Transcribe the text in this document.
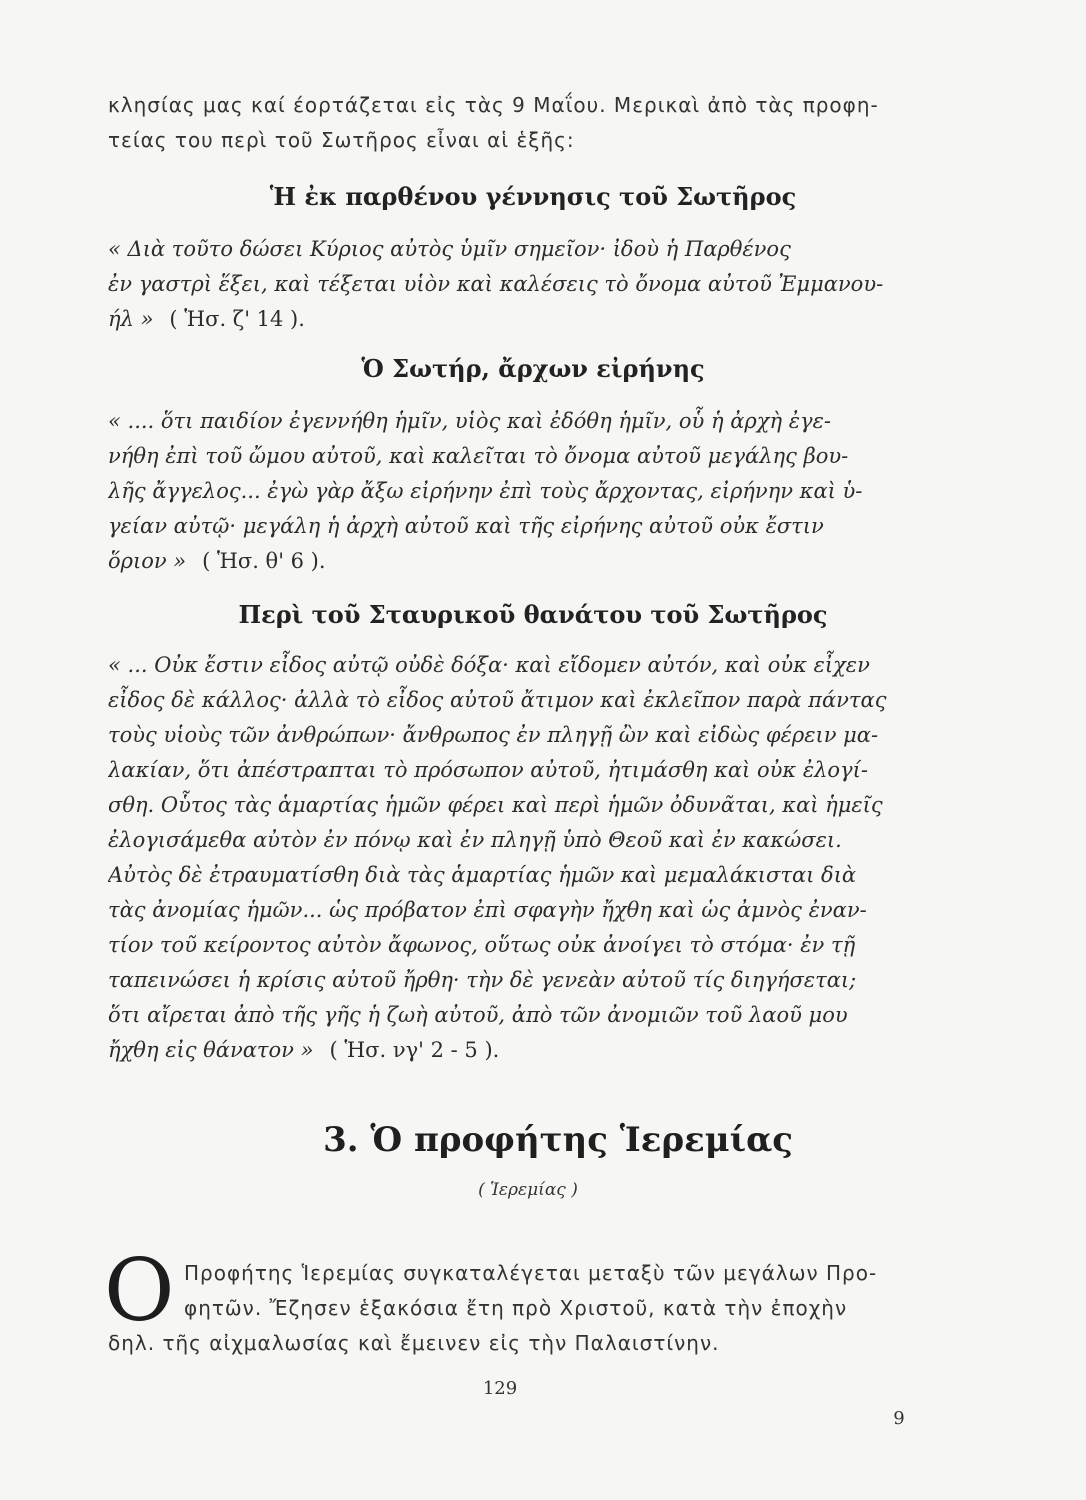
κλησίας μας καί έορτάζεται εἰς τὰς 9 Μαΐου. Μερικαὶ ἀπὸ τὰς προφη-
τείας του περὶ τοῦ Σωτῆρος εἶναι αἱ ἑξῆς:
Ἡ ἐκ παρθένου γέννησις τοῦ Σωτῆρος
« Διὰ τοῦτο δώσει Κύριος αὐτὸς ὑμῖν σημεῖον· ἰδοὺ ἡ Παρθένος
ἐν γαστρὶ ἕξει, καὶ τέξεται υἱὸν καὶ καλέσεις τὸ ὄνομα αὐτοῦ Ἐμμανου-
ήλ » ( Ἡσ. ζ' 14 ).
Ὁ Σωτήρ, ἄρχων εἰρήνης
« .... ὅτι παιδίον ἐγεννήθη ἡμῖν, υἱὸς καὶ ἐδόθη ἡμῖν, οὗ ἡ ἀρχὴ ἐγε-
νήθη ἐπὶ τοῦ ὤμου αὐτοῦ, καὶ καλεῖται τὸ ὄνομα αὐτοῦ μεγάλης βου-
λῆς ἄγγελος... ἐγὼ γὰρ ἄξω εἰρήνην ἐπὶ τοὺς ἄρχοντας, εἰρήνην καὶ ὑ-
γείαν αὐτῷ· μεγάλη ἡ ἀρχὴ αὐτοῦ καὶ τῆς εἰρήνης αὐτοῦ οὐκ ἔστιν
ὅριον » ( Ἡσ. θ' 6 ).
Περὶ τοῦ Σταυρικοῦ θανάτου τοῦ Σωτῆρος
« ... Οὐκ ἔστιν εἶδος αὐτῷ οὐδὲ δόξα· καὶ εἴδομεν αὐτόν, καὶ οὐκ εἶχεν
εἶδος δὲ κάλλος· ἀλλὰ τὸ εἶδος αὐτοῦ ἄτιμον καὶ ἐκλεῖπον παρὰ πάντας
τοὺς υἱοὺς τῶν ἀνθρώπων· ἄνθρωπος ἐν πληγῇ ὢν καὶ εἰδὼς φέρειν μα-
λακίαν, ὅτι ἀπέστραπται τὸ πρόσωπον αὐτοῦ, ἠτιμάσθη καὶ οὐκ ἐλογί-
σθη. Οὗτος τὰς ἁμαρτίας ἡμῶν φέρει καὶ περὶ ἡμῶν ὀδυνᾶται, καὶ ἡμεῖς
ἐλογισάμεθα αὐτὸν ἐν πόνῳ καὶ ἐν πληγῇ ὑπὸ Θεοῦ καὶ ἐν κακώσει.
Αὐτὸς δὲ ἐτραυματίσθη διὰ τὰς ἁμαρτίας ἡμῶν καὶ μεμαλάκισται διὰ
τὰς ἀνομίας ἡμῶν... ὡς πρόβατον ἐπὶ σφαγὴν ἤχθη καὶ ὡς ἀμνὸς ἐναν-
τίον τοῦ κείροντος αὐτὸν ἄφωνος, οὕτως οὐκ ἀνοίγει τὸ στόμα· ἐν τῇ
ταπεινώσει ἡ κρίσις αὐτοῦ ἤρθη· τὴν δὲ γενεὰν αὐτοῦ τίς διηγήσεται;
ὅτι αἴρεται ἀπὸ τῆς γῆς ἡ ζωὴ αὐτοῦ, ἀπὸ τῶν ἀνομιῶν τοῦ λαοῦ μου
ἤχθη εἰς θάνατον » ( Ἡσ. νγ' 2 - 5 ).
3. Ὁ προφήτης Ἱερεμίας
( Ἱερεμίας )
Ο Προφήτης Ἱερεμίας συγκαταλέγεται μεταξὺ τῶν μεγάλων Προ-
φητῶν. Ἔζησεν ἑξακόσια ἔτη πρὸ Χριστοῦ, κατὰ τὴν ἐποχὴν
δηλ. τῆς αἰχμαλωσίας καὶ ἔμεινεν εἰς τὴν Παλαιστίνην.
129
9
